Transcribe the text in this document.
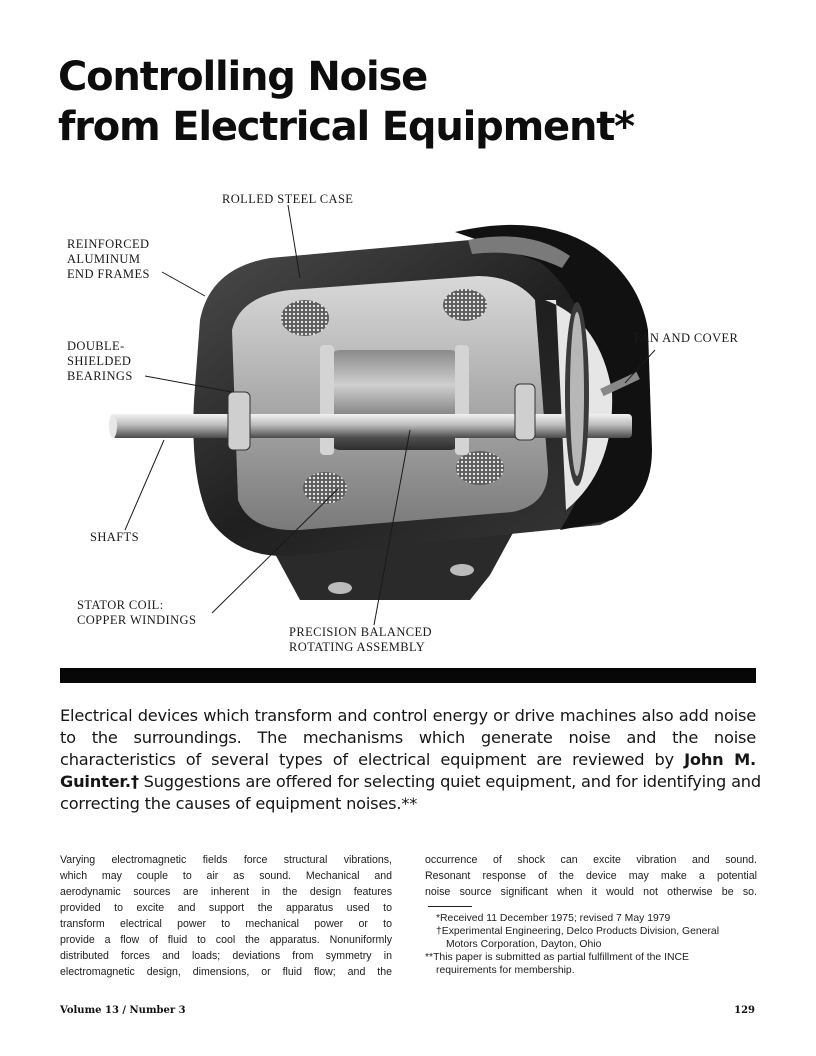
Controlling Noise
from Electrical Equipment*
ROLLED STEEL CASE
REINFORCED
ALUMINUM
END FRAMES
DOUBLE-
SHIELDED
BEARINGS
FAN AND COVER
SHAFTS
STATOR COIL:
COPPER WINDINGS
PRECISION BALANCED
ROTATING ASSEMBLY

Electrical devices which transform and control energy or drive machines also add noise
to the surroundings. The mechanisms which generate noise and the noise
characteristics of several types of electrical equipment are reviewed by John M.
Guinter.† Suggestions are offered for selecting quiet equipment, and for identifying and
correcting the causes of equipment noises.**

Varying electromagnetic fields force structural vibrations,
which may couple to air as sound. Mechanical and
aerodynamic sources are inherent in the design features
provided to excite and support the apparatus used to
transform electrical power to mechanical power or to
provide a flow of fluid to cool the apparatus. Nonuniformly
distributed forces and loads; deviations from symmetry in
electromagnetic design, dimensions, or fluid flow; and the
occurrence of shock can excite vibration and sound.
Resonant response of the device may make a potential
noise source significant when it would not otherwise be so.
*Received 11 December 1975; revised 7 May 1979
†Experimental Engineering, Delco Products Division, General
Motors Corporation, Dayton, Ohio
**This paper is submitted as partial fulfillment of the INCE
requirements for membership.
Volume 13 / Number 3	129
